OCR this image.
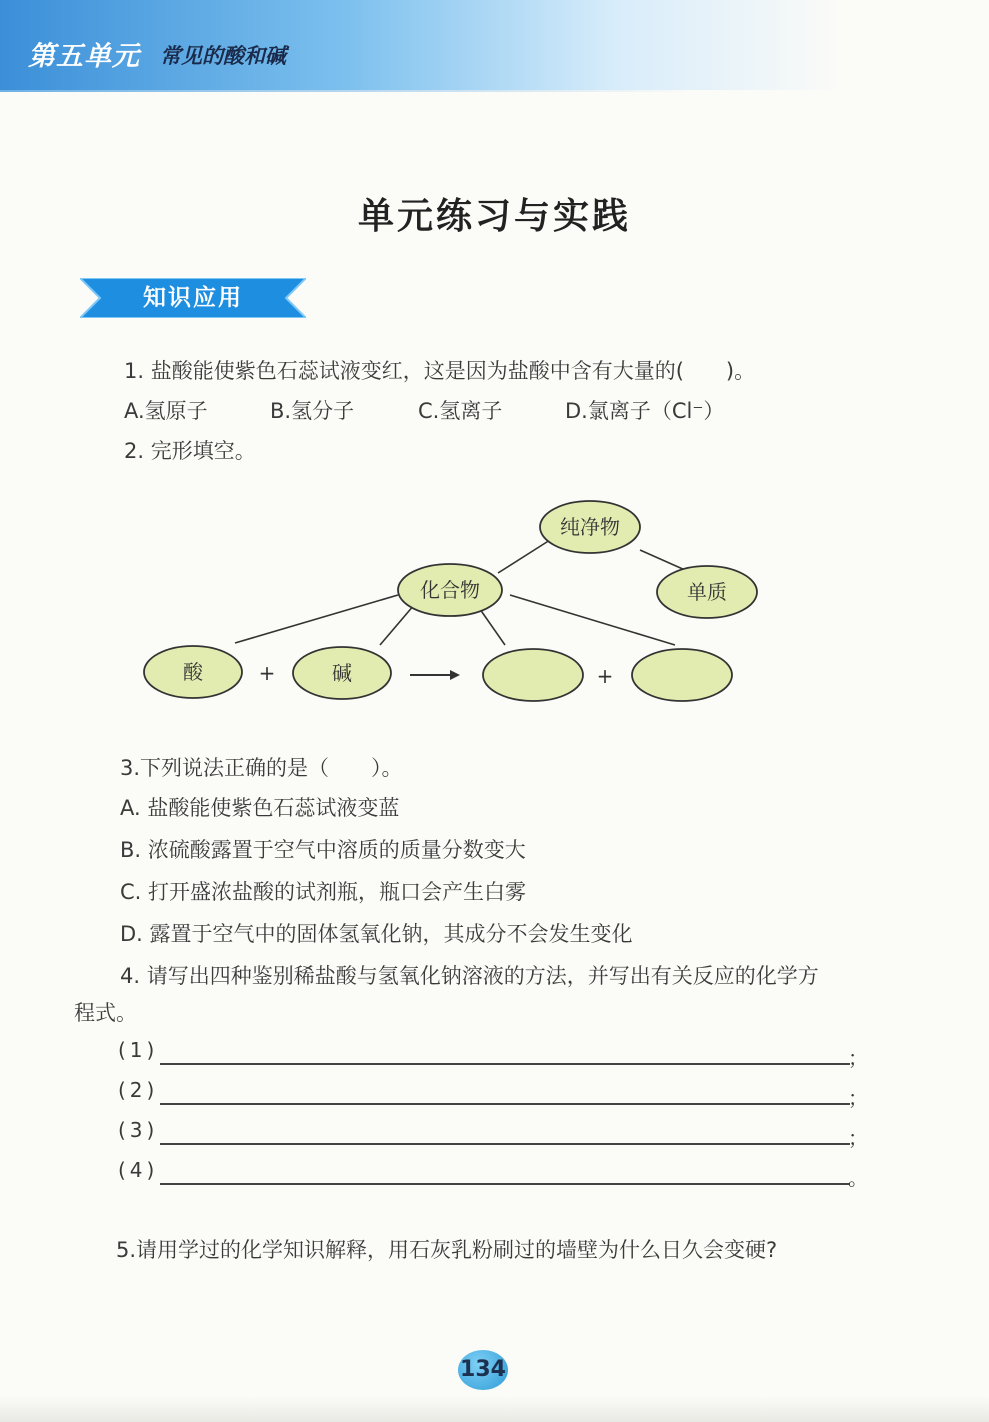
第五单元 常见的酸和碱
单元练习与实践
知识应用
1. 盐酸能使紫色石蕊试液变红，这是因为盐酸中含有大量的(　　)。
A.氢原子	B.氢分子	C.氢离子	D.氯离子（Cl⁻）
2. 完形填空。
纯净物
化合物	单质
酸	+	碱	+
3.下列说法正确的是（　　）。
A. 盐酸能使紫色石蕊试液变蓝
B. 浓硫酸露置于空气中溶质的质量分数变大
C. 打开盛浓盐酸的试剂瓶，瓶口会产生白雾
D. 露置于空气中的固体氢氧化钠，其成分不会发生变化
4. 请写出四种鉴别稀盐酸与氢氧化钠溶液的方法，并写出有关反应的化学方
程式。
(1)	；
(2)	；
(3)	；
(4)	。
5.请用学过的化学知识解释，用石灰乳粉刷过的墙壁为什么日久会变硬?
134
